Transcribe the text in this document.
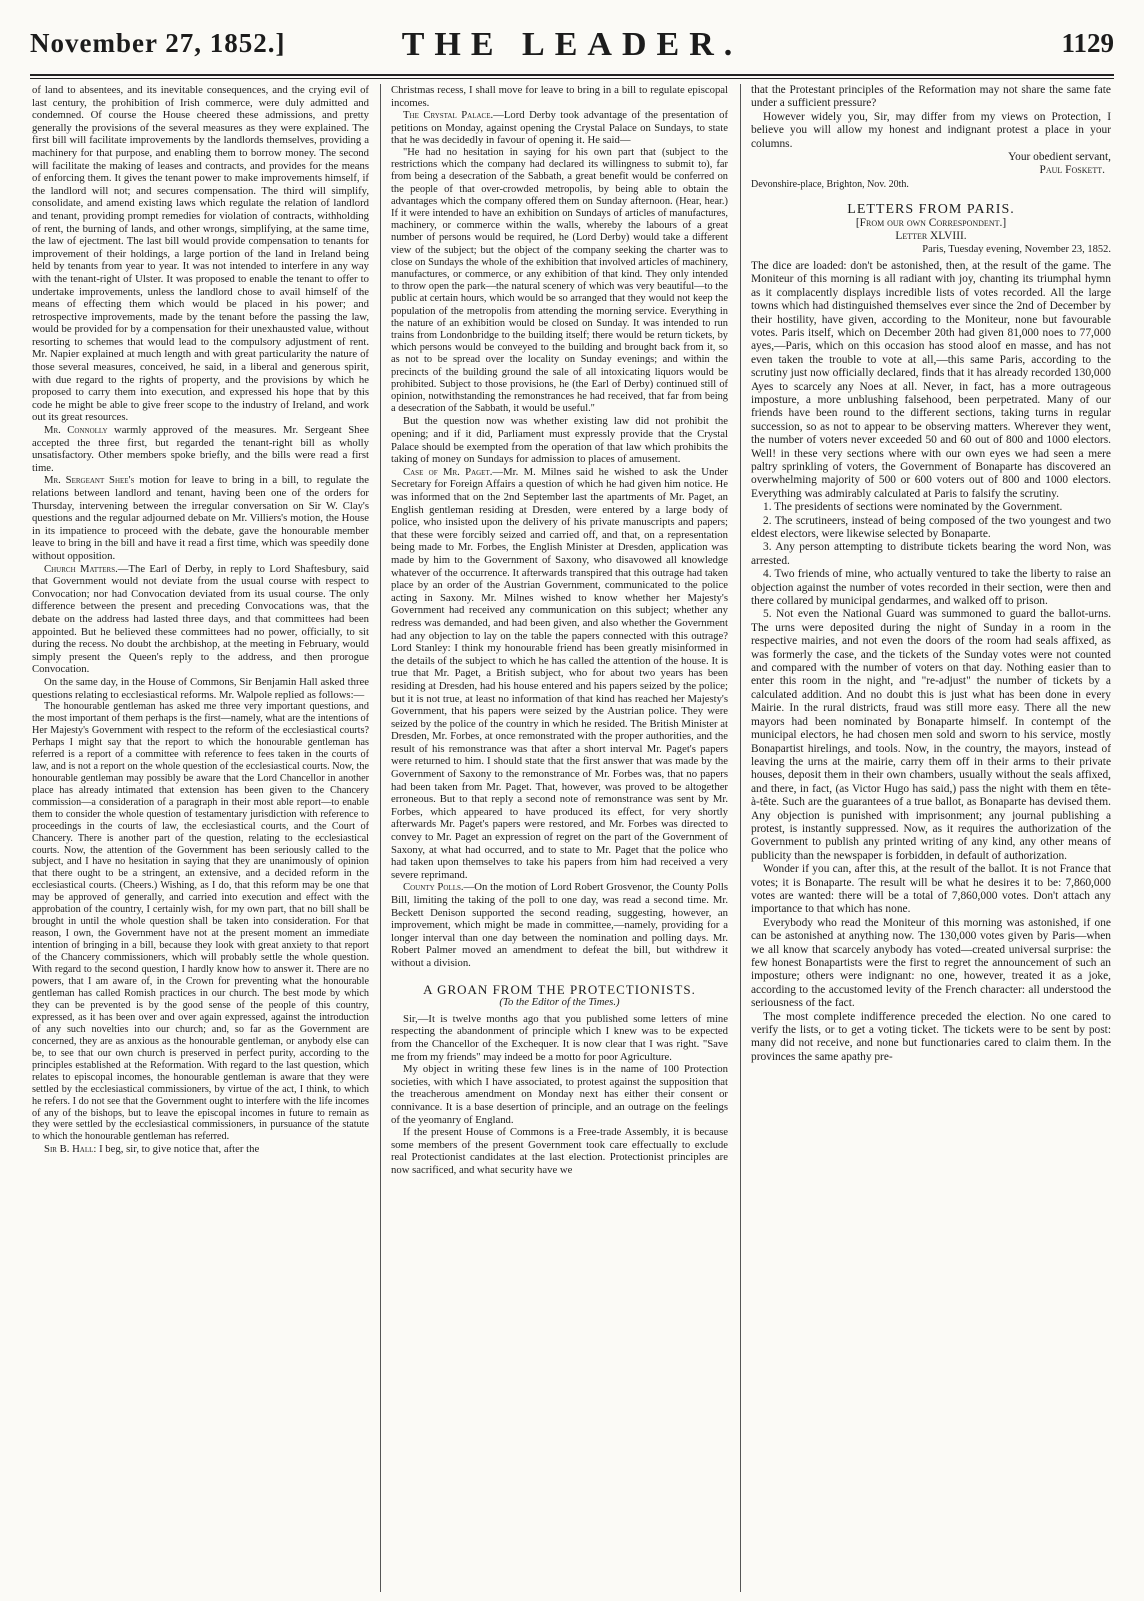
November 27, 1852.]	THE LEADER.	1129

of land to absentees, and its inevitable consequences, and the crying evil of last century, the prohibition of Irish commerce, were duly admitted and condemned. Of course the House cheered these admissions, and pretty generally the provisions of the several measures as they were explained. The first bill will facilitate improvements by the landlords themselves, providing a machinery for that purpose, and enabling them to borrow money. The second will facilitate the making of leases and contracts, and provides for the means of enforcing them. It gives the tenant power to make improvements himself, if the landlord will not; and secures compensation. The third will simplify, consolidate, and amend existing laws which regulate the relation of landlord and tenant, providing prompt remedies for violation of contracts, withholding of rent, the burning of lands, and other wrongs, simplifying, at the same time, the law of ejectment. The last bill would provide compensation to tenants for improvement of their holdings, a large portion of the land in Ireland being held by tenants from year to year. It was not intended to interfere in any way with the tenant-right of Ulster. It was proposed to enable the tenant to offer to undertake improvements, unless the landlord chose to avail himself of the means of effecting them which would be placed in his power; and retrospective improvements, made by the tenant before the passing the law, would be provided for by a compensation for their unexhausted value, without resorting to schemes that would lead to the compulsory adjustment of rent. Mr. Napier explained at much length and with great particularity the nature of those several measures, conceived, he said, in a liberal and generous spirit, with due regard to the rights of property, and the provisions by which he proposed to carry them into execution, and expressed his hope that by this code he might be able to give freer scope to the industry of Ireland, and work out its great resources.

Mr. Connolly warmly approved of the measures. Mr. Sergeant Shee accepted the three first, but regarded the tenant-right bill as wholly unsatisfactory. Other members spoke briefly, and the bills were read a first time.

Mr. Sergeant Shee's motion for leave to bring in a bill, to regulate the relations between landlord and tenant, having been one of the orders for Thursday, intervening between the irregular conversation on Sir W. Clay's questions and the regular adjourned debate on Mr. Villiers's motion, the House in its impatience to proceed with the debate, gave the honourable member leave to bring in the bill and have it read a first time, which was speedily done without opposition.

Church Matters.—The Earl of Derby, in reply to Lord Shaftesbury, said that Government would not deviate from the usual course with respect to Convocation; nor had Convocation deviated from its usual course. The only difference between the present and preceding Convocations was, that the debate on the address had lasted three days, and that committees had been appointed. But he believed these committees had no power, officially, to sit during the recess. No doubt the archbishop, at the meeting in February, would simply present the Queen's reply to the address, and then prorogue Convocation.

On the same day, in the House of Commons, Sir Benjamin Hall asked three questions relating to ecclesiastical reforms. Mr. Walpole replied as follows:—

The honourable gentleman has asked me three very important questions, and the most important of them perhaps is the first—namely, what are the intentions of Her Majesty's Government with respect to the reform of the ecclesiastical courts? Perhaps I might say that the report to which the honourable gentleman has referred is a report of a committee with reference to fees taken in the courts of law, and is not a report on the whole question of the ecclesiastical courts. Now, the honourable gentleman may possibly be aware that the Lord Chancellor in another place has already intimated that extension has been given to the Chancery commission—a consideration of a paragraph in their most able report—to enable them to consider the whole question of testamentary jurisdiction with reference to proceedings in the courts of law, the ecclesiastical courts, and the Court of Chancery. There is another part of the question, relating to the ecclesiastical courts. Now, the attention of the Government has been seriously called to the subject, and I have no hesitation in saying that they are unanimously of opinion that there ought to be a stringent, an extensive, and a decided reform in the ecclesiastical courts. (Cheers.) Wishing, as I do, that this reform may be one that may be approved of generally, and carried into execution and effect with the approbation of the country, I certainly wish, for my own part, that no bill shall be brought in until the whole question shall be taken into consideration. For that reason, I own, the Government have not at the present moment an immediate intention of bringing in a bill, because they look with great anxiety to that report of the Chancery commissioners, which will probably settle the whole question. With regard to the second question, I hardly know how to answer it. There are no powers, that I am aware of, in the Crown for preventing what the honourable gentleman has called Romish practices in our church. The best mode by which they can be prevented is by the good sense of the people of this country, expressed, as it has been over and over again expressed, against the introduction of any such novelties into our church; and, so far as the Government are concerned, they are as anxious as the honourable gentleman, or anybody else can be, to see that our own church is preserved in perfect purity, according to the principles established at the Reformation. With regard to the last question, which relates to episcopal incomes, the honourable gentleman is aware that they were settled by the ecclesiastical commissioners, by virtue of the act, I think, to which he refers. I do not see that the Government ought to interfere with the life incomes of any of the bishops, but to leave the episcopal incomes in future to remain as they were settled by the ecclesiastical commissioners, in pursuance of the statute to which the honourable gentleman has referred.

Sir B. Hall: I beg, sir, to give notice that, after the

Christmas recess, I shall move for leave to bring in a bill to regulate episcopal incomes.

The Crystal Palace.—Lord Derby took advantage of the presentation of petitions on Monday, against opening the Crystal Palace on Sundays, to state that he was decidedly in favour of opening it. He said—

"He had no hesitation in saying for his own part that (subject to the restrictions which the company had declared its willingness to submit to), far from being a desecration of the Sabbath, a great benefit would be conferred on the people of that over-crowded metropolis, by being able to obtain the advantages which the company offered them on Sunday afternoon. (Hear, hear.) If it were intended to have an exhibition on Sundays of articles of manufactures, machinery, or commerce within the walls, whereby the labours of a great number of persons would be required, he (Lord Derby) would take a different view of the subject; but the object of the company seeking the charter was to close on Sundays the whole of the exhibition that involved articles of machinery, manufactures, or commerce, or any exhibition of that kind. They only intended to throw open the park—the natural scenery of which was very beautiful—to the public at certain hours, which would be so arranged that they would not keep the population of the metropolis from attending the morning service. Everything in the nature of an exhibition would be closed on Sunday. It was intended to run trains from Londonbridge to the building itself; there would be return tickets, by which persons would be conveyed to the building and brought back from it, so as not to be spread over the locality on Sunday evenings; and within the precincts of the building ground the sale of all intoxicating liquors would be prohibited. Subject to those provisions, he (the Earl of Derby) continued still of opinion, notwithstanding the remonstrances he had received, that far from being a desecration of the Sabbath, it would be useful."

But the question now was whether existing law did not prohibit the opening; and if it did, Parliament must expressly provide that the Crystal Palace should be exempted from the operation of that law which prohibits the taking of money on Sundays for admission to places of amusement.

Case of Mr. Paget.—Mr. M. Milnes said he wished to ask the Under Secretary for Foreign Affairs a question of which he had given him notice. He was informed that on the 2nd September last the apartments of Mr. Paget, an English gentleman residing at Dresden, were entered by a large body of police, who insisted upon the delivery of his private manuscripts and papers; that these were forcibly seized and carried off, and that, on a representation being made to Mr. Forbes, the English Minister at Dresden, application was made by him to the Government of Saxony, who disavowed all knowledge whatever of the occurrence. It afterwards transpired that this outrage had taken place by an order of the Austrian Government, communicated to the police acting in Saxony. Mr. Milnes wished to know whether her Majesty's Government had received any communication on this subject; whether any redress was demanded, and had been given, and also whether the Government had any objection to lay on the table the papers connected with this outrage? Lord Stanley: I think my honourable friend has been greatly misinformed in the details of the subject to which he has called the attention of the house. It is true that Mr. Paget, a British subject, who for about two years has been residing at Dresden, had his house entered and his papers seized by the police; but it is not true, at least no information of that kind has reached her Majesty's Government, that his papers were seized by the Austrian police. They were seized by the police of the country in which he resided. The British Minister at Dresden, Mr. Forbes, at once remonstrated with the proper authorities, and the result of his remonstrance was that after a short interval Mr. Paget's papers were returned to him. I should state that the first answer that was made by the Government of Saxony to the remonstrance of Mr. Forbes was, that no papers had been taken from Mr. Paget. That, however, was proved to be altogether erroneous. But to that reply a second note of remonstrance was sent by Mr. Forbes, which appeared to have produced its effect, for very shortly afterwards Mr. Paget's papers were restored, and Mr. Forbes was directed to convey to Mr. Paget an expression of regret on the part of the Government of Saxony, at what had occurred, and to state to Mr. Paget that the police who had taken upon themselves to take his papers from him had received a very severe reprimand.

County Polls.—On the motion of Lord Robert Grosvenor, the County Polls Bill, limiting the taking of the poll to one day, was read a second time. Mr. Beckett Denison supported the second reading, suggesting, however, an improvement, which might be made in committee,—namely, providing for a longer interval than one day between the nomination and polling days. Mr. Robert Palmer moved an amendment to defeat the bill, but withdrew it without a division.

A GROAN FROM THE PROTECTIONISTS.

(To the Editor of the Times.)

Sir,—It is twelve months ago that you published some letters of mine respecting the abandonment of principle which I knew was to be expected from the Chancellor of the Exchequer. It is now clear that I was right. "Save me from my friends" may indeed be a motto for poor Agriculture.

My object in writing these few lines is in the name of 100 Protection societies, with which I have associated, to protest against the supposition that the treacherous amendment on Monday next has either their consent or connivance. It is a base desertion of principle, and an outrage on the feelings of the yeomanry of England.

If the present House of Commons is a Free-trade Assembly, it is because some members of the present Government took care effectually to exclude real Protectionist candidates at the last election. Protectionist principles are now sacrificed, and what security have we

that the Protestant principles of the Reformation may not share the same fate under a sufficient pressure?

However widely you, Sir, may differ from my views on Protection, I believe you will allow my honest and indignant protest a place in your columns.

Your obedient servant,

Paul Foskett.

Devonshire-place, Brighton, Nov. 20th.

LETTERS FROM PARIS.

[From our own Correspondent.]

Letter XLVIII.

Paris, Tuesday evening, November 23, 1852.

The dice are loaded: don't be astonished, then, at the result of the game. The Moniteur of this morning is all radiant with joy, chanting its triumphal hymn as it complacently displays incredible lists of votes recorded. All the large towns which had distinguished themselves ever since the 2nd of December by their hostility, have given, according to the Moniteur, none but favourable votes. Paris itself, which on December 20th had given 81,000 noes to 77,000 ayes,—Paris, which on this occasion has stood aloof en masse, and has not even taken the trouble to vote at all,—this same Paris, according to the scrutiny just now officially declared, finds that it has already recorded 130,000 Ayes to scarcely any Noes at all. Never, in fact, has a more outrageous imposture, a more unblushing falsehood, been perpetrated. Many of our friends have been round to the different sections, taking turns in regular succession, so as not to appear to be observing matters. Wherever they went, the number of voters never exceeded 50 and 60 out of 800 and 1000 electors. Well! in these very sections where with our own eyes we had seen a mere paltry sprinkling of voters, the Government of Bonaparte has discovered an overwhelming majority of 500 or 600 voters out of 800 and 1000 electors. Everything was admirably calculated at Paris to falsify the scrutiny.

1. The presidents of sections were nominated by the Government.

2. The scrutineers, instead of being composed of the two youngest and two eldest electors, were likewise selected by Bonaparte.

3. Any person attempting to distribute tickets bearing the word Non, was arrested.

4. Two friends of mine, who actually ventured to take the liberty to raise an objection against the number of votes recorded in their section, were then and there collared by municipal gendarmes, and walked off to prison.

5. Not even the National Guard was summoned to guard the ballot-urns. The urns were deposited during the night of Sunday in a room in the respective mairies, and not even the doors of the room had seals affixed, as was formerly the case, and the tickets of the Sunday votes were not counted and compared with the number of voters on that day. Nothing easier than to enter this room in the night, and "re-adjust" the number of tickets by a calculated addition. And no doubt this is just what has been done in every Mairie. In the rural districts, fraud was still more easy. There all the new mayors had been nominated by Bonaparte himself. In contempt of the municipal electors, he had chosen men sold and sworn to his service, mostly Bonapartist hirelings, and tools. Now, in the country, the mayors, instead of leaving the urns at the mairie, carry them off in their arms to their private houses, deposit them in their own chambers, usually without the seals affixed, and there, in fact, (as Victor Hugo has said,) pass the night with them en tête-à-tête. Such are the guarantees of a true ballot, as Bonaparte has devised them. Any objection is punished with imprisonment; any journal publishing a protest, is instantly suppressed. Now, as it requires the authorization of the Government to publish any printed writing of any kind, any other means of publicity than the newspaper is forbidden, in default of authorization.

Wonder if you can, after this, at the result of the ballot. It is not France that votes; it is Bonaparte. The result will be what he desires it to be: 7,860,000 votes are wanted: there will be a total of 7,860,000 votes. Don't attach any importance to that which has none.

Everybody who read the Moniteur of this morning was astonished, if one can be astonished at anything now. The 130,000 votes given by Paris—when we all know that scarcely anybody has voted—created universal surprise: the few honest Bonapartists were the first to regret the announcement of such an imposture; others were indignant: no one, however, treated it as a joke, according to the accustomed levity of the French character: all understood the seriousness of the fact.

The most complete indifference preceded the election. No one cared to verify the lists, or to get a voting ticket. The tickets were to be sent by post: many did not receive, and none but functionaries cared to claim them. In the provinces the same apathy pre-
